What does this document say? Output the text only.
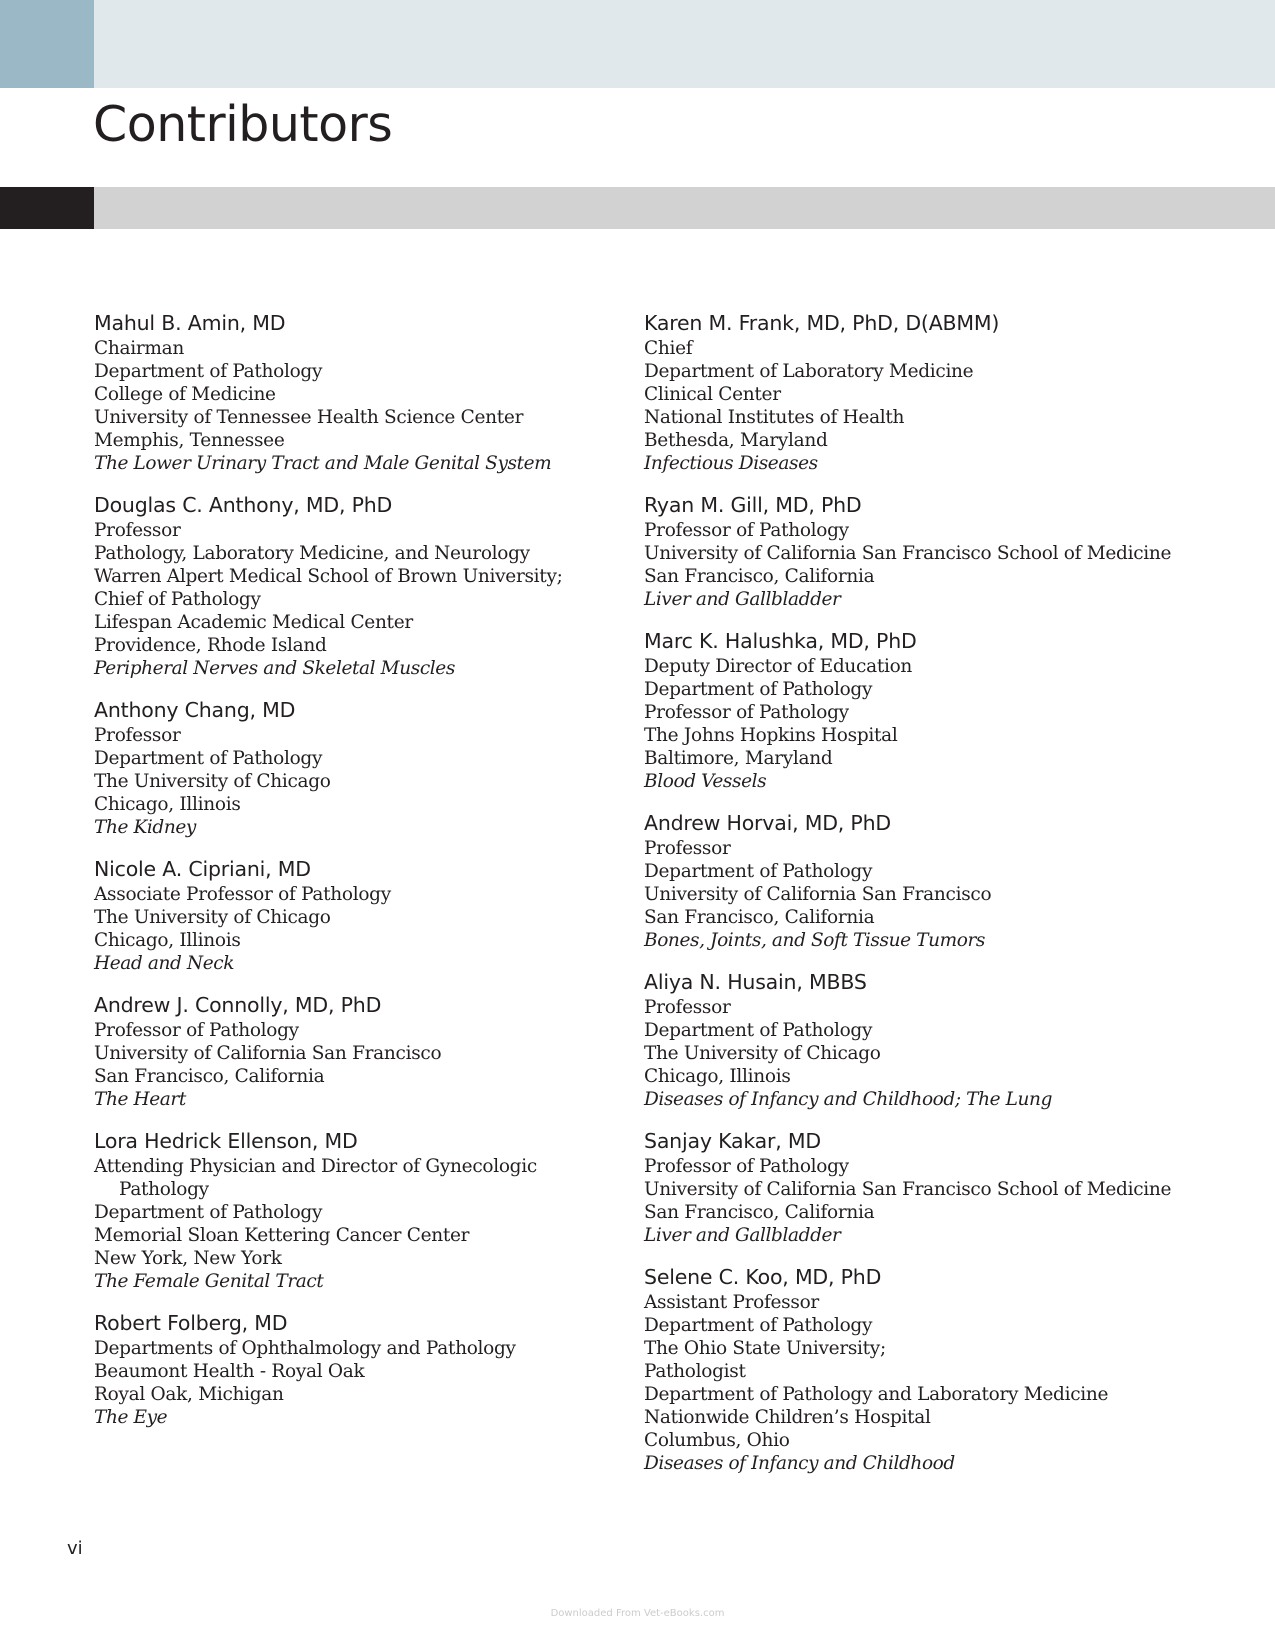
Contributors
Mahul B. Amin, MD
Chairman
Department of Pathology
College of Medicine
University of Tennessee Health Science Center
Memphis, Tennessee
The Lower Urinary Tract and Male Genital System
Douglas C. Anthony, MD, PhD
Professor
Pathology, Laboratory Medicine, and Neurology
Warren Alpert Medical School of Brown University;
Chief of Pathology
Lifespan Academic Medical Center
Providence, Rhode Island
Peripheral Nerves and Skeletal Muscles
Anthony Chang, MD
Professor
Department of Pathology
The University of Chicago
Chicago, Illinois
The Kidney
Nicole A. Cipriani, MD
Associate Professor of Pathology
The University of Chicago
Chicago, Illinois
Head and Neck
Andrew J. Connolly, MD, PhD
Professor of Pathology
University of California San Francisco
San Francisco, California
The Heart
Lora Hedrick Ellenson, MD
Attending Physician and Director of Gynecologic Pathology
Department of Pathology
Memorial Sloan Kettering Cancer Center
New York, New York
The Female Genital Tract
Robert Folberg, MD
Departments of Ophthalmology and Pathology
Beaumont Health - Royal Oak
Royal Oak, Michigan
The Eye
Karen M. Frank, MD, PhD, D(ABMM)
Chief
Department of Laboratory Medicine
Clinical Center
National Institutes of Health
Bethesda, Maryland
Infectious Diseases
Ryan M. Gill, MD, PhD
Professor of Pathology
University of California San Francisco School of Medicine
San Francisco, California
Liver and Gallbladder
Marc K. Halushka, MD, PhD
Deputy Director of Education
Department of Pathology
Professor of Pathology
The Johns Hopkins Hospital
Baltimore, Maryland
Blood Vessels
Andrew Horvai, MD, PhD
Professor
Department of Pathology
University of California San Francisco
San Francisco, California
Bones, Joints, and Soft Tissue Tumors
Aliya N. Husain, MBBS
Professor
Department of Pathology
The University of Chicago
Chicago, Illinois
Diseases of Infancy and Childhood; The Lung
Sanjay Kakar, MD
Professor of Pathology
University of California San Francisco School of Medicine
San Francisco, California
Liver and Gallbladder
Selene C. Koo, MD, PhD
Assistant Professor
Department of Pathology
The Ohio State University;
Pathologist
Department of Pathology and Laboratory Medicine
Nationwide Children’s Hospital
Columbus, Ohio
Diseases of Infancy and Childhood
vi
Downloaded From Vet-eBooks.com
